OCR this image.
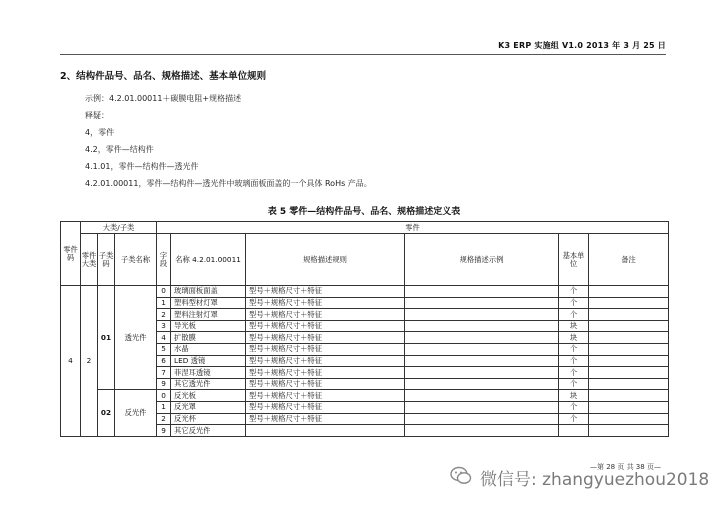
K3 ERP 实施组 V1.0 2013 年 3 月 25 日
2、结构件品号、品名、规格描述、基本单位规则
示例：4.2.01.00011＋碳膜电阻+规格描述
释疑：
4，零件
4.2，零件—结构件
4.1.01，零件—结构件—透光件
4.2.01.00011，零件—结构件—透光件中玻璃面板面盖的一个具体 RoHs 产品。
表 5 零件—结构件品号、品名、规格描述定义表
零件码	大类/子类			零件					
	零件大类	子类码	子类名称	字段	名称 4.2.01.00011	规格描述规则	规格描述示例	基本单位	备注
4	2	01	透光件	0	玻璃面板面盖	型号＋规格尺寸＋特征		个	
				1	塑料型材灯罩	型号＋规格尺寸＋特征		个	
				2	塑料注射灯罩	型号＋规格尺寸＋特征		个	
				3	导光板	型号＋规格尺寸＋特征		块	
				4	扩散膜	型号＋规格尺寸＋特征		块	
				5	水晶	型号＋规格尺寸＋特征		个	
				6	LED 透镜	型号＋规格尺寸＋特征		个	
				7	菲涅耳透镜	型号＋规格尺寸＋特征		个	
				9	其它透光件	型号＋规格尺寸＋特征		个	
		02	反光件	0	反光板	型号＋规格尺寸＋特征		块	
				1	反光罩	型号＋规格尺寸＋特征		个	
				2	反光杯	型号＋规格尺寸＋特征		个	
				9	其它反光件				
微信号: zhangyuezhou2018
—第 28 页 共 38 页—
